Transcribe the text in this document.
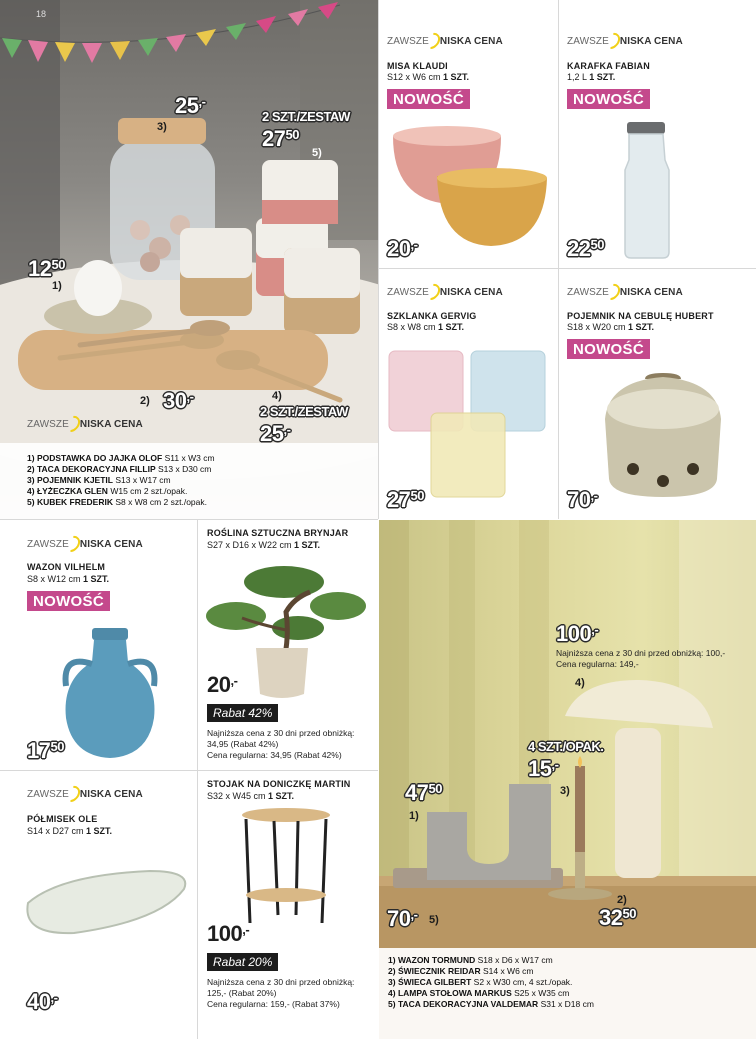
18
25,-
3)
2 SZT./ZESTAW
$27^{50}$
5)
$12^{50}$
1)
2) 30,-	4)
2 SZT./ZESTAW
25,-
ZAWSZE NISKA CENA
1) PODSTAWKA DO JAJKA OLOF S11 x W3 cm
2) TACA DEKORACYJNA FILLIP S13 x D30 cm
3) POJEMNIK KJETIL S13 x W17 cm
4) ŁYŻECZKA GLEN W15 cm 2 szt./opak.
5) KUBEK FREDERIK S8 x W8 cm 2 szt./opak.
ZAWSZE NISKA CENA
MISA KLAUDI
S12 x W6 cm 1 SZT.
NOWOŚĆ
20,-
ZAWSZE NISKA CENA
KARAFKA FABIAN
1,2 L 1 SZT.
NOWOŚĆ
$22^{50}$
ZAWSZE NISKA CENA
SZKLANKA GERVIG
S8 x W8 cm 1 SZT.
$27^{50}$
ZAWSZE NISKA CENA
POJEMNIK NA CEBULĘ HUBERT
S18 x W20 cm 1 SZT.
NOWOŚĆ
70,-
ZAWSZE NISKA CENA
WAZON VILHELM
S8 x W12 cm 1 SZT.
NOWOŚĆ
$17^{50}$
ROŚLINA SZTUCZNA BRYNJAR
S27 x D16 x W22 cm 1 SZT.
20,-
Rabat 42%
Najniższa cena z 30 dni przed obniżką:
34,95 (Rabat 42%)
Cena regularna: 34,95 (Rabat 42%)
ZAWSZE NISKA CENA
PÓŁMISEK OLE
S14 x D27 cm 1 SZT.
40,-
STOJAK NA DONICZKĘ MARTIN
S32 x W45 cm 1 SZT.
100,-
Rabat 20%
Najniższa cena z 30 dni przed obniżką:
125,- (Rabat 20%)
Cena regularna: 159,- (Rabat 37%)
100,-
Najniższa cena z 30 dni przed obniżką: 100,-
Cena regularna: 149,-
4)
4 SZT./OPAK.
15,-
3)
$47^{50}$
1)
70,- 5)
2)
$32^{50}$
1) WAZON TORMUND S18 x D6 x W17 cm
2) ŚWIECZNIK REIDAR S14 x W6 cm
3) ŚWIECA GILBERT S2 x W30 cm, 4 szt./opak.
4) LAMPA STOŁOWA MARKUS S25 x W35 cm
5) TACA DEKORACYJNA VALDEMAR S31 x D18 cm
